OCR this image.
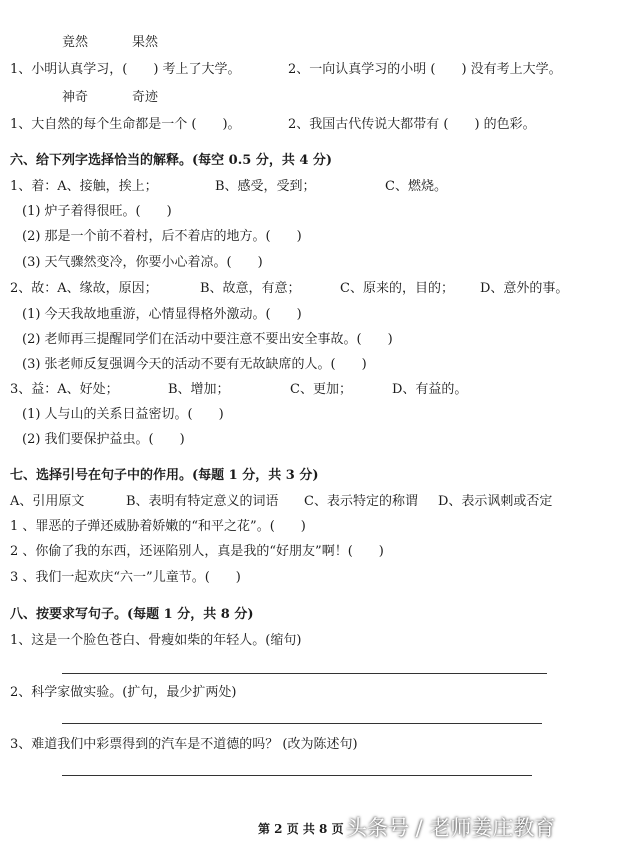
竟然	果然
1、小明认真学习，(　　) 考上了大学。	2、一向认真学习的小明 (　　) 没有考上大学。
神奇	奇迹
1、大自然的每个生命都是一个 (　　)。	2、我国古代传说大都带有 (　　) 的色彩。
六、给下列字选择恰当的解释。(每空 0.5 分，共 4 分)
1、着：A、接触，挨上；	B、感受，受到；	C、燃烧。
(1) 炉子着得很旺。(　　)
(2) 那是一个前不着村，后不着店的地方。(　　)
(3) 天气骤然变冷，你要小心着凉。(　　)
2、故：A、缘故，原因；	B、故意，有意；	C、原来的，目的； D、意外的事。
(1) 今天我故地重游，心情显得格外激动。(　　)
(2) 老师再三提醒同学们在活动中要注意不要出安全事故。(　　)
(3) 张老师反复强调今天的活动不要有无故缺席的人。(　　)
3、益：A、好处；	B、增加；	C、更加；	D、有益的。
(1) 人与山的关系日益密切。(　　)
(2) 我们要保护益虫。(　　)
七、选择引号在句子中的作用。(每题 1 分，共 3 分)
A、引用原文	B、表明有特定意义的词语 C、表示特定的称谓 D、表示讽刺或否定
1 、罪恶的子弹还威胁着娇嫩的“和平之花”。(　　)
2 、你偷了我的东西，还诬陷别人，真是我的“好朋友”啊！(　　)
3 、我们一起欢庆“六一”儿童节。(　　)
八、按要求写句子。(每题 1 分，共 8 分)
1、这是一个脸色苍白、骨瘦如柴的年轻人。(缩句)
2、科学家做实验。(扩句，最少扩两处)
3、难道我们中彩票得到的汽车是不道德的吗？ (改为陈述句)
第 2 页 共 8 页 头条号 / 老师姜庄教育
